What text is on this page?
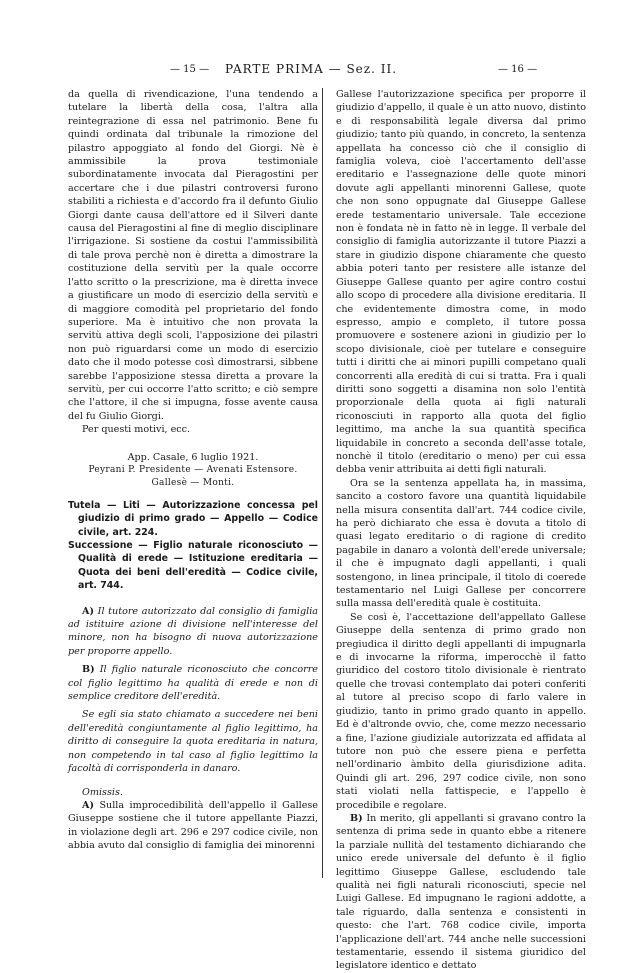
— 15 —	PARTE PRIMA — Sez. II.	— 16 —

da quella di rivendicazione, l'una tendendo a tutelare la libertà della cosa, l'altra alla reintegrazione di essa nel patrimonio. Bene fu quindi ordinata dal tribunale la rimozione del pilastro appoggiato al fondo del Giorgi. Nè è ammissibile la prova testimoniale subordinatamente invocata dal Pieragostini per accertare che i due pilastri controversi furono stabiliti a richiesta e d'accordo fra il defunto Giulio Giorgi dante causa dell'attore ed il Silveri dante causa del Pieragostini al fine di meglio disciplinare l'irrigazione. Si sostiene da costui l'ammissibilità di tale prova perchè non è diretta a dimostrare la costituzione della servitù per la quale occorre l'atto scritto o la prescrizione, ma è diretta invece a giustificare un modo di esercizio della servitù e di maggiore comodità pel proprietario del fondo superiore. Ma è intuitivo che non provata la servitù attiva degli scoli, l'apposizione dei pilastri non può riguardarsi come un modo di esercizio dato che il modo potesse così dimostrarsi, sibbene sarebbe l'apposizione stessa diretta a provare la servitù, per cui occorre l'atto scritto; e ciò sempre che l'attore, il che si impugna, fosse avente causa del fu Giulio Giorgi.

Per questi motivi, ecc.

App. Casale, 6 luglio 1921.

Peyrani P. Presidente — Avenati Estensore.

Gallesè — Monti.

Tutela — Liti — Autorizzazione concessa pel giudizio di primo grado — Appello — Codice civile, art. 224.

Successione — Figlio naturale riconosciuto — Qualità di erede — Istituzione ereditaria — Quota dei beni dell'eredità — Codice civile, art. 744.

A) Il tutore autorizzato dal consiglio di famiglia ad istituire azione di divisione nell'interesse del minore, non ha bisogno di nuova autorizzazione per proporre appello.

B) Il figlio naturale riconosciuto che concorre col figlio legittimo ha qualità di erede e non di semplice creditore dell'eredità.

Se egli sia stato chiamato a succedere nei beni dell'eredità congiuntamente al figlio legittimo, ha diritto di conseguire la quota ereditaria in natura, non competendo in tal caso al figlio legittimo la facoltà di corrisponderla in danaro.

Omissis.

A) Sulla improcedibilità dell'appello il Gallese Giuseppe sostiene che il tutore appellante Piazzi, in violazione degli art. 296 e 297 codice civile, non abbia avuto dal consiglio di famiglia dei minorenni

Gallese l'autorizzazione specifica per proporre il giudizio d'appello, il quale è un atto nuovo, distinto e di responsabilità legale diversa dal primo giudizio; tanto più quando, in concreto, la sentenza appellata ha concesso ciò che il consiglio di famiglia voleva, cioè l'accertamento dell'asse ereditario e l'assegnazione delle quote minori dovute agli appellanti minorenni Gallese, quote che non sono oppugnate dal Giuseppe Gallese erede testamentario universale. Tale eccezione non è fondata nè in fatto nè in legge. Il verbale del consiglio di famiglia autorizzante il tutore Piazzi a stare in giudizio dispone chiaramente che questo abbia poteri tanto per resistere alle istanze del Giuseppe Gallese quanto per agire contro costui allo scopo di procedere alla divisione ereditaria. Il che evidentemente dimostra come, in modo espresso, ampio e completo, il tutore possa promuovere e sostenere azioni in giudizio per lo scopo divisionale, cioè per tutelare e conseguire tutti i diritti che ai minori pupilli competano quali concorrenti alla eredità di cui si tratta. Fra i quali diritti sono soggetti a disamina non solo l'entità proporzionale della quota ai figli naturali riconosciuti in rapporto alla quota del figlio legittimo, ma anche la sua quantità specifica liquidabile in concreto a seconda dell'asse totale, nonchè il titolo (ereditario o meno) per cui essa debba venir attribuita ai detti figli naturali.

Ora se la sentenza appellata ha, in massima, sancito a costoro favore una quantità liquidabile nella misura consentita dall'art. 744 codice civile, ha però dichiarato che essa è dovuta a titolo di quasi legato ereditario o di ragione di credito pagabile in danaro a volontà dell'erede universale; il che è impugnato dagli appellanti, i quali sostengono, in linea principale, il titolo di coerede testamentario nel Luigi Gallese per concorrere sulla massa dell'eredità quale è costituita.

Se così è, l'accettazione dell'appellato Gallese Giuseppe della sentenza di primo grado non pregiudica il diritto degli appellanti di impugnarla e di invocarne la riforma, imperocchè il fatto giuridico del costoro titolo divisionale è rientrato quelle che trovasi contemplato dai poteri conferiti al tutore al preciso scopo di farlo valere in giudizio, tanto in primo grado quanto in appello. Ed è d'altronde ovvio, che, come mezzo necessario a fine, l'azione giudiziale autorizzata ed affidata al tutore non può che essere piena e perfetta nell'ordinario àmbito della giurisdizione adita. Quindi gli art. 296, 297 codice civile, non sono stati violati nella fattispecie, e l'appello è procedibile e regolare.

B) In merito, gli appellanti si gravano contro la sentenza di prima sede in quanto ebbe a ritenere la parziale nullità del testamento dichiarando che unico erede universale del defunto è il figlio legittimo Giuseppe Gallese, escludendo tale qualità nei figli naturali riconosciuti, specie nel Luigi Gallese. Ed impugnano le ragioni addotte, a tale riguardo, dalla sentenza e consistenti in questo: che l'art. 768 codice civile, importa l'applicazione dell'art. 744 anche nelle successioni testamentarie, essendo il sistema giuridico del legislatore identico e dettato
